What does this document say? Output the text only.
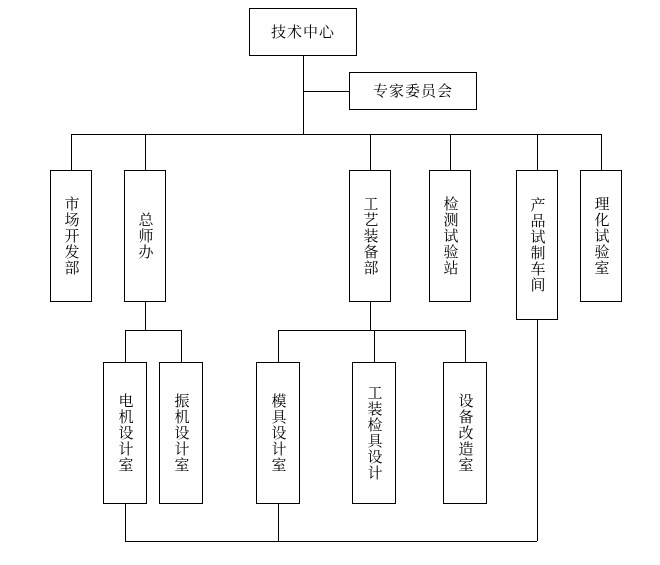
技术中心
专家委员会
市场开发部	总师办	工艺装备部	检测试验站	产品试制车间	理化试验室
电机设计室	振机设计室	模具设计室	工装检具设计	设备改造室
